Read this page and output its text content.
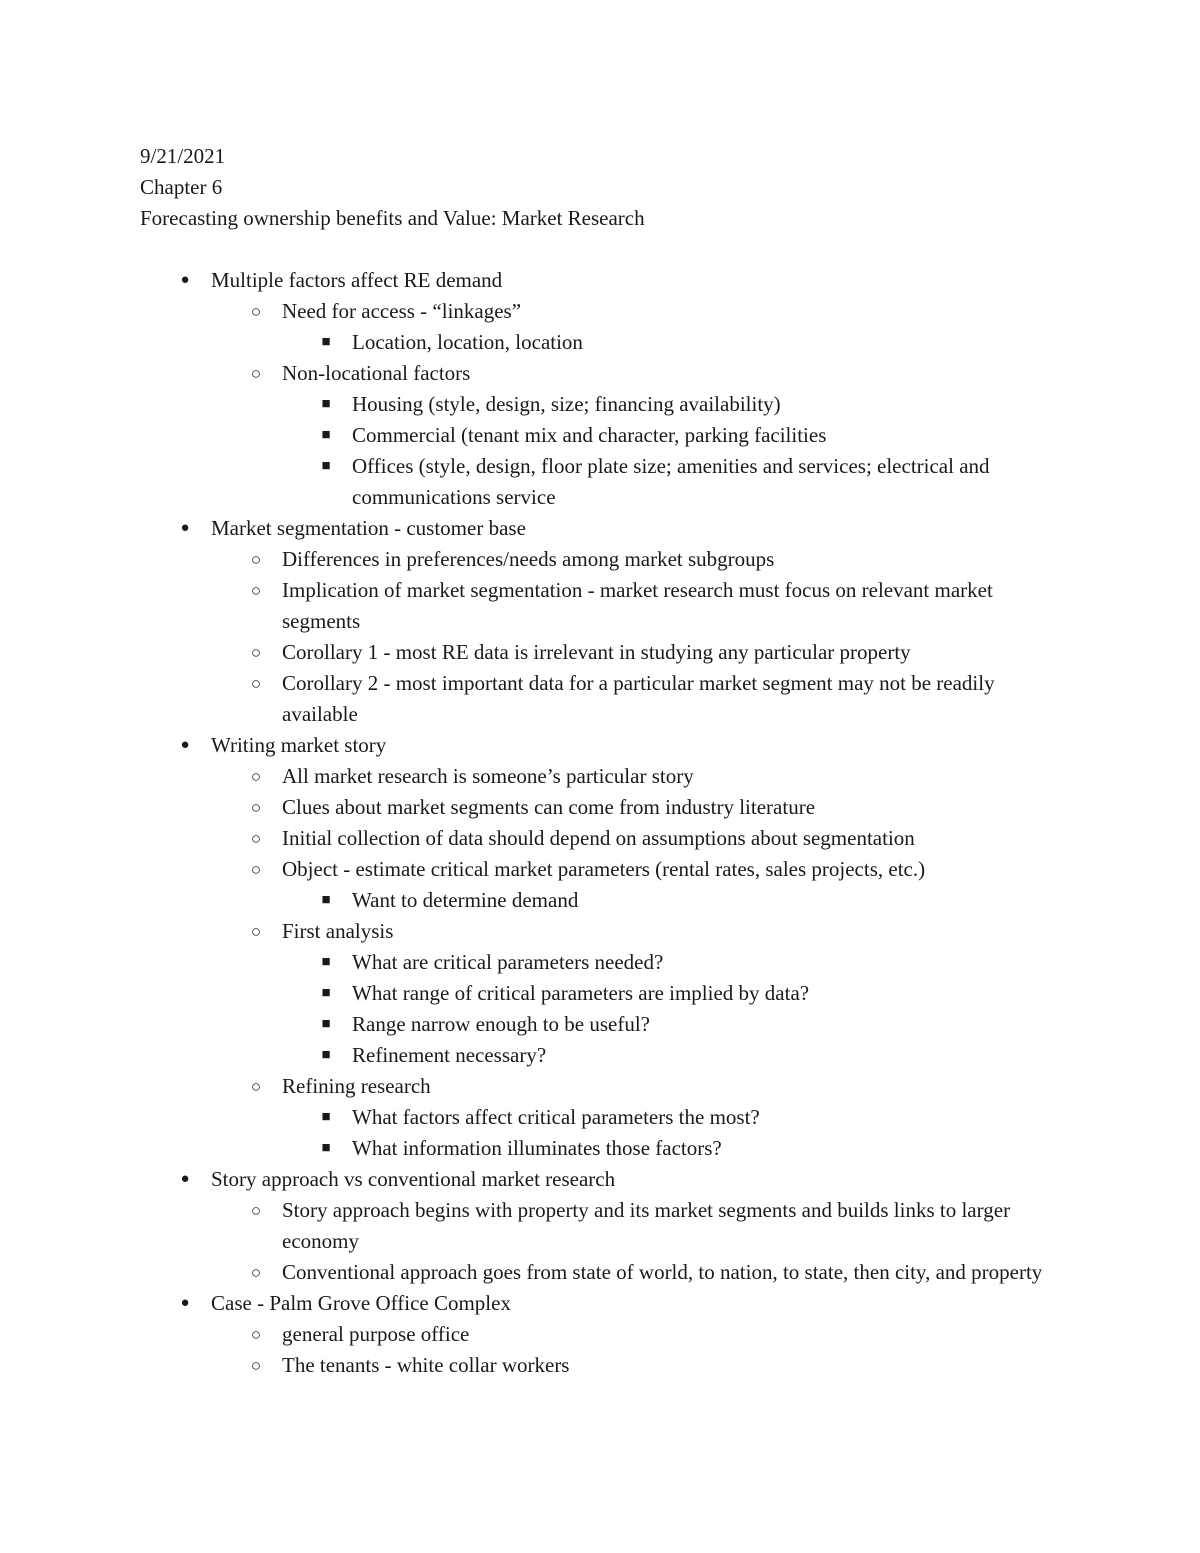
9/21/2021
Chapter 6
Forecasting ownership benefits and Value: Market Research
● Multiple factors affect RE demand
○ Need for access - “linkages”
■ Location, location, location
○ Non-locational factors
■ Housing (style, design, size; financing availability)
■ Commercial (tenant mix and character, parking facilities
■ Offices (style, design, floor plate size; amenities and services; electrical and communications service
● Market segmentation - customer base
○ Differences in preferences/needs among market subgroups
○ Implication of market segmentation - market research must focus on relevant market segments
○ Corollary 1 - most RE data is irrelevant in studying any particular property
○ Corollary 2 - most important data for a particular market segment may not be readily available
● Writing market story
○ All market research is someone’s particular story
○ Clues about market segments can come from industry literature
○ Initial collection of data should depend on assumptions about segmentation
○ Object - estimate critical market parameters (rental rates, sales projects, etc.)
■ Want to determine demand
○ First analysis
■ What are critical parameters needed?
■ What range of critical parameters are implied by data?
■ Range narrow enough to be useful?
■ Refinement necessary?
○ Refining research
■ What factors affect critical parameters the most?
■ What information illuminates those factors?
● Story approach vs conventional market research
○ Story approach begins with property and its market segments and builds links to larger economy
○ Conventional approach goes from state of world, to nation, to state, then city, and property
● Case - Palm Grove Office Complex
○ general purpose office
○ The tenants - white collar workers
